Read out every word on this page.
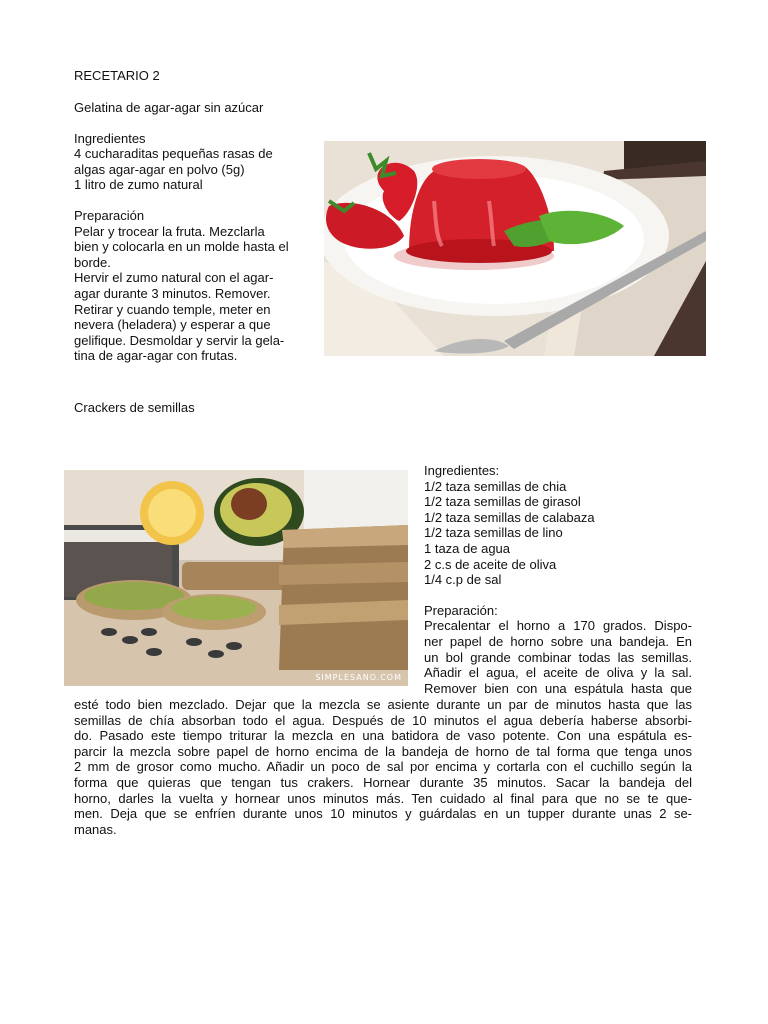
RECETARIO 2
Gelatina de agar-agar sin azúcar
Ingredientes
4 cucharaditas pequeñas rasas de
algas agar-agar en polvo (5g)
1 litro de zumo natural
Preparación
Pelar y trocear la fruta. Mezclarla
bien y colocarla en un molde hasta el
borde.
Hervir el zumo natural con el agar-
agar durante 3 minutos. Remover.
Retirar y cuando temple, meter en
nevera (heladera) y esperar a que
gelifique. Desmoldar y servir la gela-
tina de agar-agar con frutas.
Crackers de semillas
SIMPLESANO.COM
Ingredientes:
1/2 taza semillas de chia
1/2 taza semillas de girasol
1/2 taza semillas de calabaza
1/2 taza semillas de lino
1 taza de agua
2 c.s de aceite de oliva
1/4 c.p de sal
Preparación:
Precalentar el horno a 170 grados. Dispo-
ner papel de horno sobre una bandeja. En
un bol grande combinar todas las semillas.
Añadir el agua, el aceite de oliva y la sal.
Remover bien con una espátula hasta que
esté todo bien mezclado. Dejar que la mezcla se asiente durante un par de minutos hasta que las
semillas de chía absorban todo el agua. Después de 10 minutos el agua debería haberse absorbi-
do. Pasado este tiempo triturar la mezcla en una batidora de vaso potente. Con una espátula es-
parcir la mezcla sobre papel de horno encima de la bandeja de horno de tal forma que tenga unos
2 mm de grosor como mucho. Añadir un poco de sal por encima y cortarla con el cuchillo según la
forma que quieras que tengan tus crakers. Hornear durante 35 minutos. Sacar la bandeja del
horno, darles la vuelta y hornear unos minutos más. Ten cuidado al final para que no se te que-
men. Deja que se enfríen durante unos 10 minutos y guárdalas en un tupper durante unas 2 se-
manas.
